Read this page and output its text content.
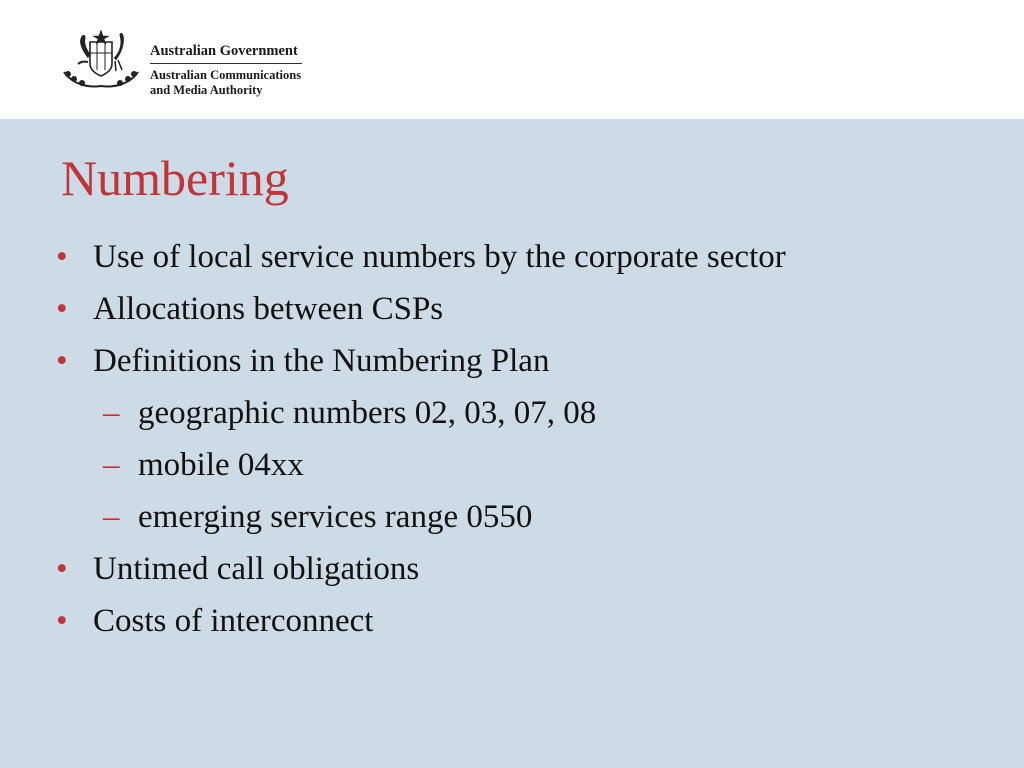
Australian Government
Australian Communications
and Media Authority
Numbering
• Use of local service numbers by the corporate sector
• Allocations between CSPs
• Definitions in the Numbering Plan
– geographic numbers 02, 03, 07, 08
– mobile 04xx
– emerging services range 0550
• Untimed call obligations
• Costs of interconnect
